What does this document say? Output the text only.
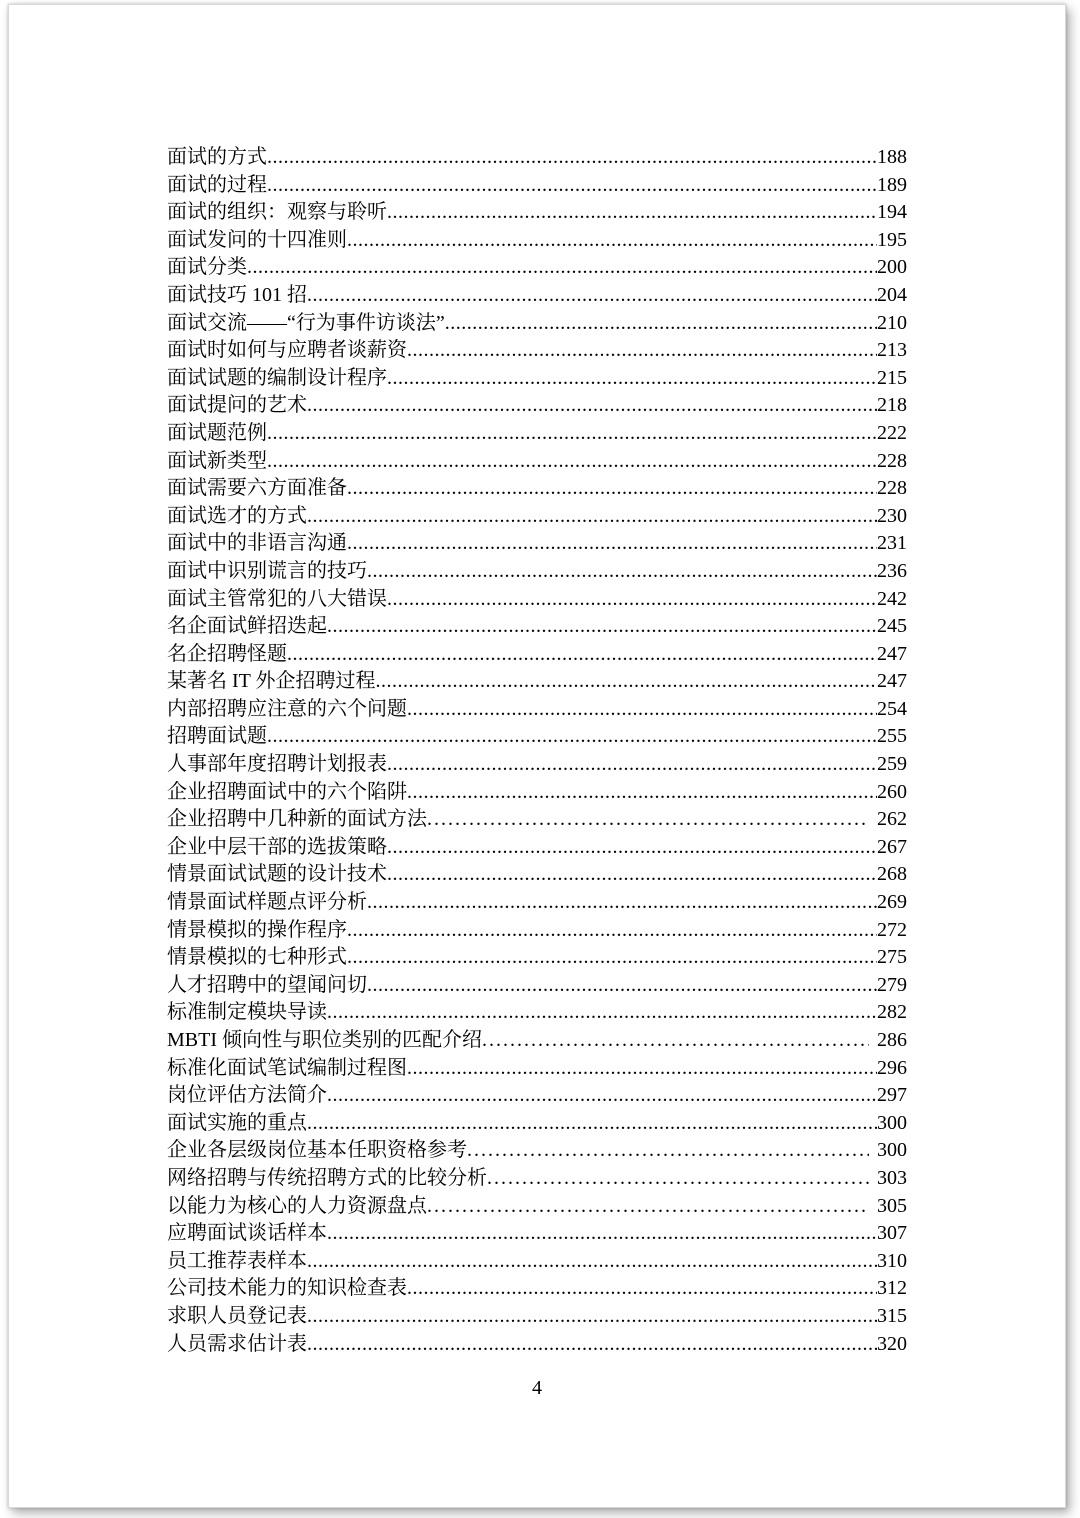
面试的方式 .....	188
面试的过程 .....	189
面试的组织：观察与聆听 .....	194
面试发问的十四准则 .....	195
面试分类 .....	200
面试技巧 101 招 .....	204
面试交流——“行为事件访谈法” .....	210
面试时如何与应聘者谈薪资 .....	213
面试试题的编制设计程序 .....	215
面试提问的艺术 .....	218
面试题范例 .....	222
面试新类型 .....	228
面试需要六方面准备 .....	228
面试选才的方式 .....	230
面试中的非语言沟通 .....	231
面试中识别谎言的技巧 .....	236
面试主管常犯的八大错误 .....	242
名企面试鲜招迭起 .....	245
名企招聘怪题 .....	247
某著名 IT 外企招聘过程 .....	247
内部招聘应注意的六个问题 .....	254
招聘面试题 .....	255
人事部年度招聘计划报表 .....	259
企业招聘面试中的六个陷阱 .....	260
企业招聘中几种新的面试方法 .....	262
企业中层干部的选拔策略 .....	267
情景面试试题的设计技术 .....	268
情景面试样题点评分析 .....	269
情景模拟的操作程序 .....	272
情景模拟的七种形式 .....	275
人才招聘中的望闻问切 .....	279
标准制定模块导读 .....	282
MBTI 倾向性与职位类别的匹配介绍 .....	286
标准化面试笔试编制过程图 .....	296
岗位评估方法简介 .....	297
面试实施的重点 .....	300
企业各层级岗位基本任职资格参考 .....	300
网络招聘与传统招聘方式的比较分析 .....	303
以能力为核心的人力资源盘点 .....	305
应聘面试谈话样本 .....	307
员工推荐表样本 .....	310
公司技术能力的知识检查表 .....	312
求职人员登记表 .....	315
人员需求估计表 .....	320
4
